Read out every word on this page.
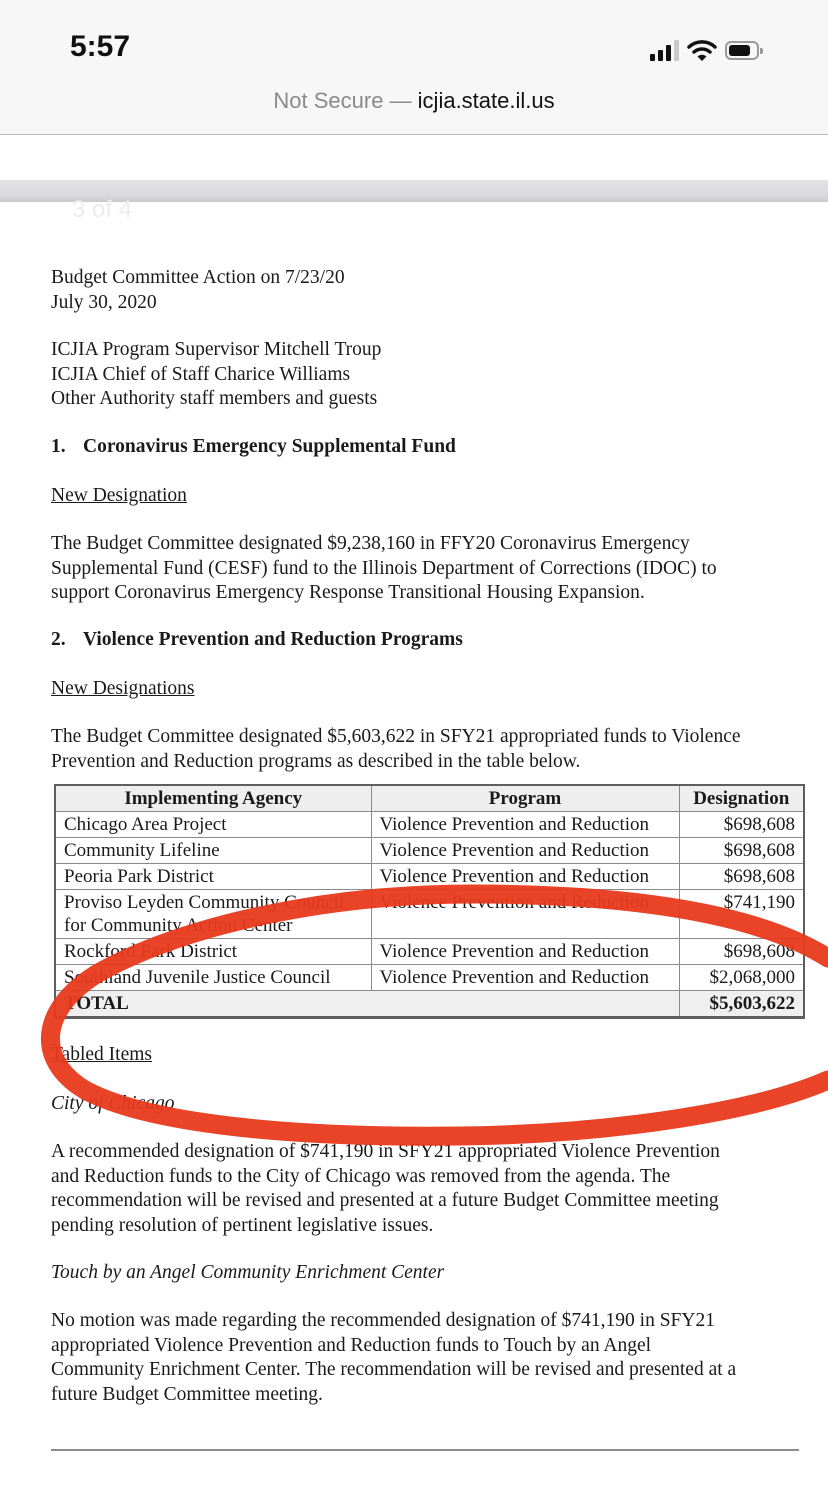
5:57
Not Secure — icjia.state.il.us
3 of 4

Budget Committee Action on 7/23/20

July 30, 2020

ICJIA Program Supervisor Mitchell Troup

ICJIA Chief of Staff Charice Williams

Other Authority staff members and guests

1. Coronavirus Emergency Supplemental Fund
New Designation

The Budget Committee designated $9,238,160 in FFY20 Coronavirus Emergency

Supplemental Fund (CESF) fund to the Illinois Department of Corrections (IDOC) to

support Coronavirus Emergency Response Transitional Housing Expansion.

2. Violence Prevention and Reduction Programs
New Designations

The Budget Committee designated $5,603,622 in SFY21 appropriated funds to Violence

Prevention and Reduction programs as described in the table below.

Tabled Items
City of Chicago

A recommended designation of $741,190 in SFY21 appropriated Violence Prevention

and Reduction funds to the City of Chicago was removed from the agenda. The

recommendation will be revised and presented at a future Budget Committee meeting

pending resolution of pertinent legislative issues.

Touch by an Angel Community Enrichment Center

No motion was made regarding the recommended designation of $741,190 in SFY21

appropriated Violence Prevention and Reduction funds to Touch by an Angel

Community Enrichment Center. The recommendation will be revised and presented at a

future Budget Committee meeting.

Implementing Agency	Program	Designation
Chicago Area Project	Violence Prevention and Reduction	$698,608
Community Lifeline	Violence Prevention and Reduction	$698,608
Peoria Park District	Violence Prevention and Reduction	$698,608
Proviso Leyden Community Council for Community Action Center	Violence Prevention and Reduction	$741,190
Rockford Park District	Violence Prevention and Reduction	$698,608
Southland Juvenile Justice Council	Violence Prevention and Reduction	$2,068,000
TOTAL		$5,603,622
